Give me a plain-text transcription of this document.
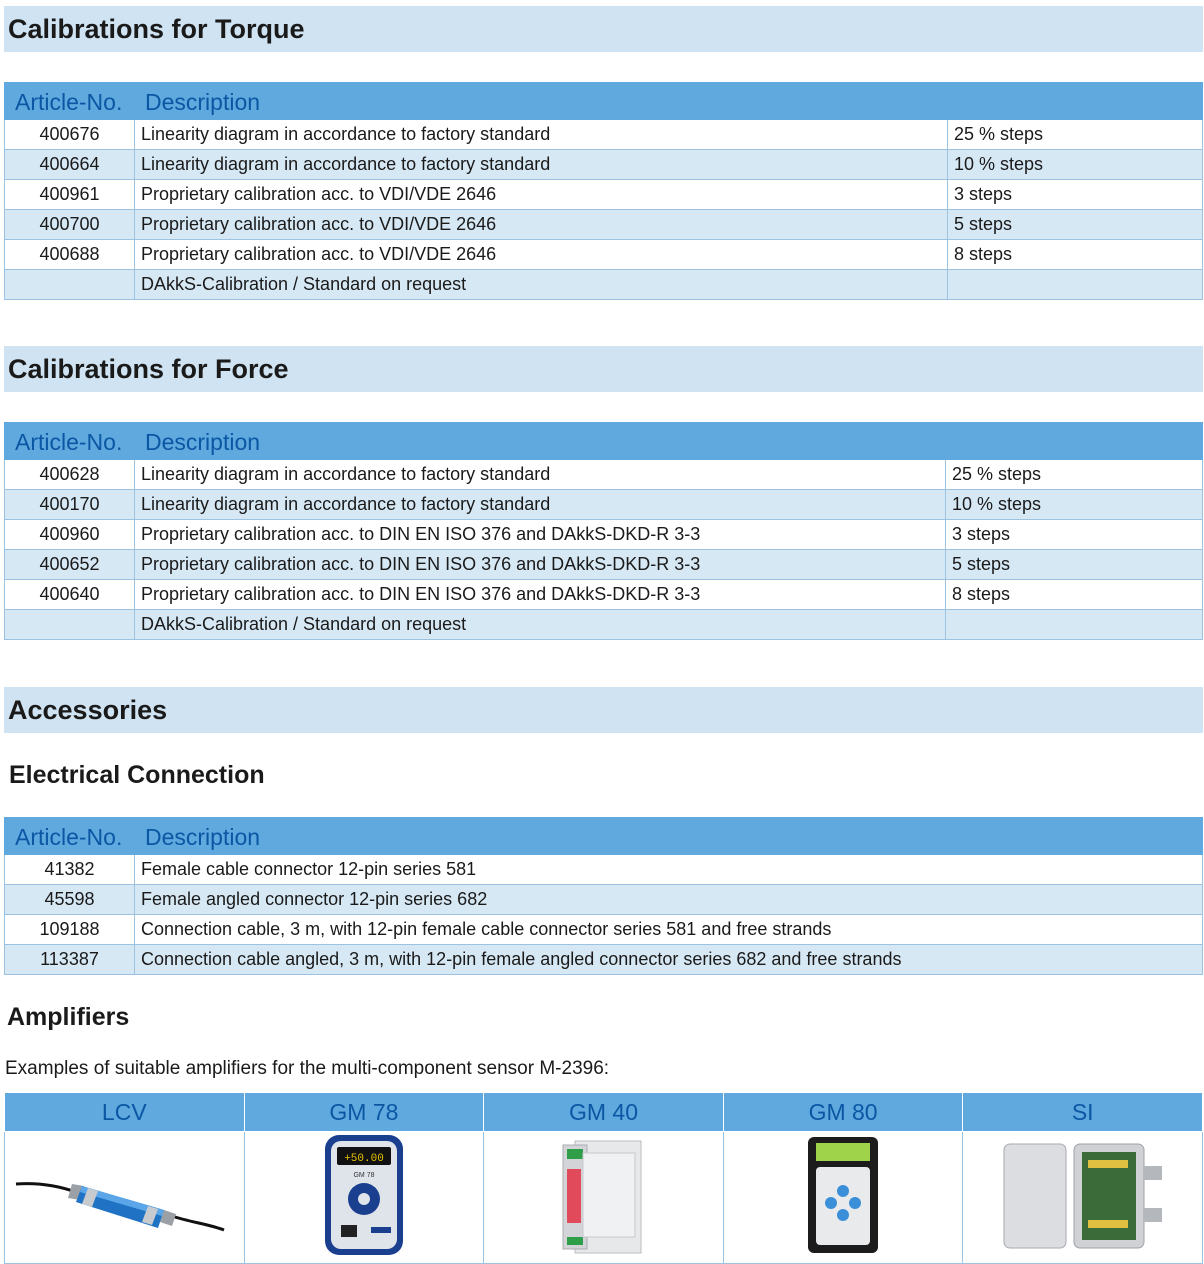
Calibrations for Torque
Article-No.	Description	
400676	Linearity diagram in accordance to factory standard	25 % steps
400664	Linearity diagram in accordance to factory standard	10 % steps
400961	Proprietary calibration acc. to VDI/VDE 2646	3 steps
400700	Proprietary calibration acc. to VDI/VDE 2646	5 steps
400688	Proprietary calibration acc. to VDI/VDE 2646	8 steps
	DAkkS-Calibration / Standard on request	
Calibrations for Force
Article-No.	Description	
400628	Linearity diagram in accordance to factory standard	25 % steps
400170	Linearity diagram in accordance to factory standard	10 % steps
400960	Proprietary calibration acc. to DIN EN ISO 376 and DAkkS-DKD-R 3-3	3 steps
400652	Proprietary calibration acc. to DIN EN ISO 376 and DAkkS-DKD-R 3-3	5 steps
400640	Proprietary calibration acc. to DIN EN ISO 376 and DAkkS-DKD-R 3-3	8 steps
	DAkkS-Calibration / Standard on request	
Accessories
Electrical Connection
Article-No.	Description
41382	Female cable connector 12-pin series 581
45598	Female angled connector 12-pin series 682
109188	Connection cable, 3 m, with 12-pin female cable connector series 581 and free strands
113387	Connection cable angled, 3 m, with 12-pin female angled connector series 682 and free strands
Amplifiers
Examples of suitable amplifiers for the multi-component sensor M-2396:
LCV	GM 78	GM 40	GM 80	SI

+50.00
GM 78
